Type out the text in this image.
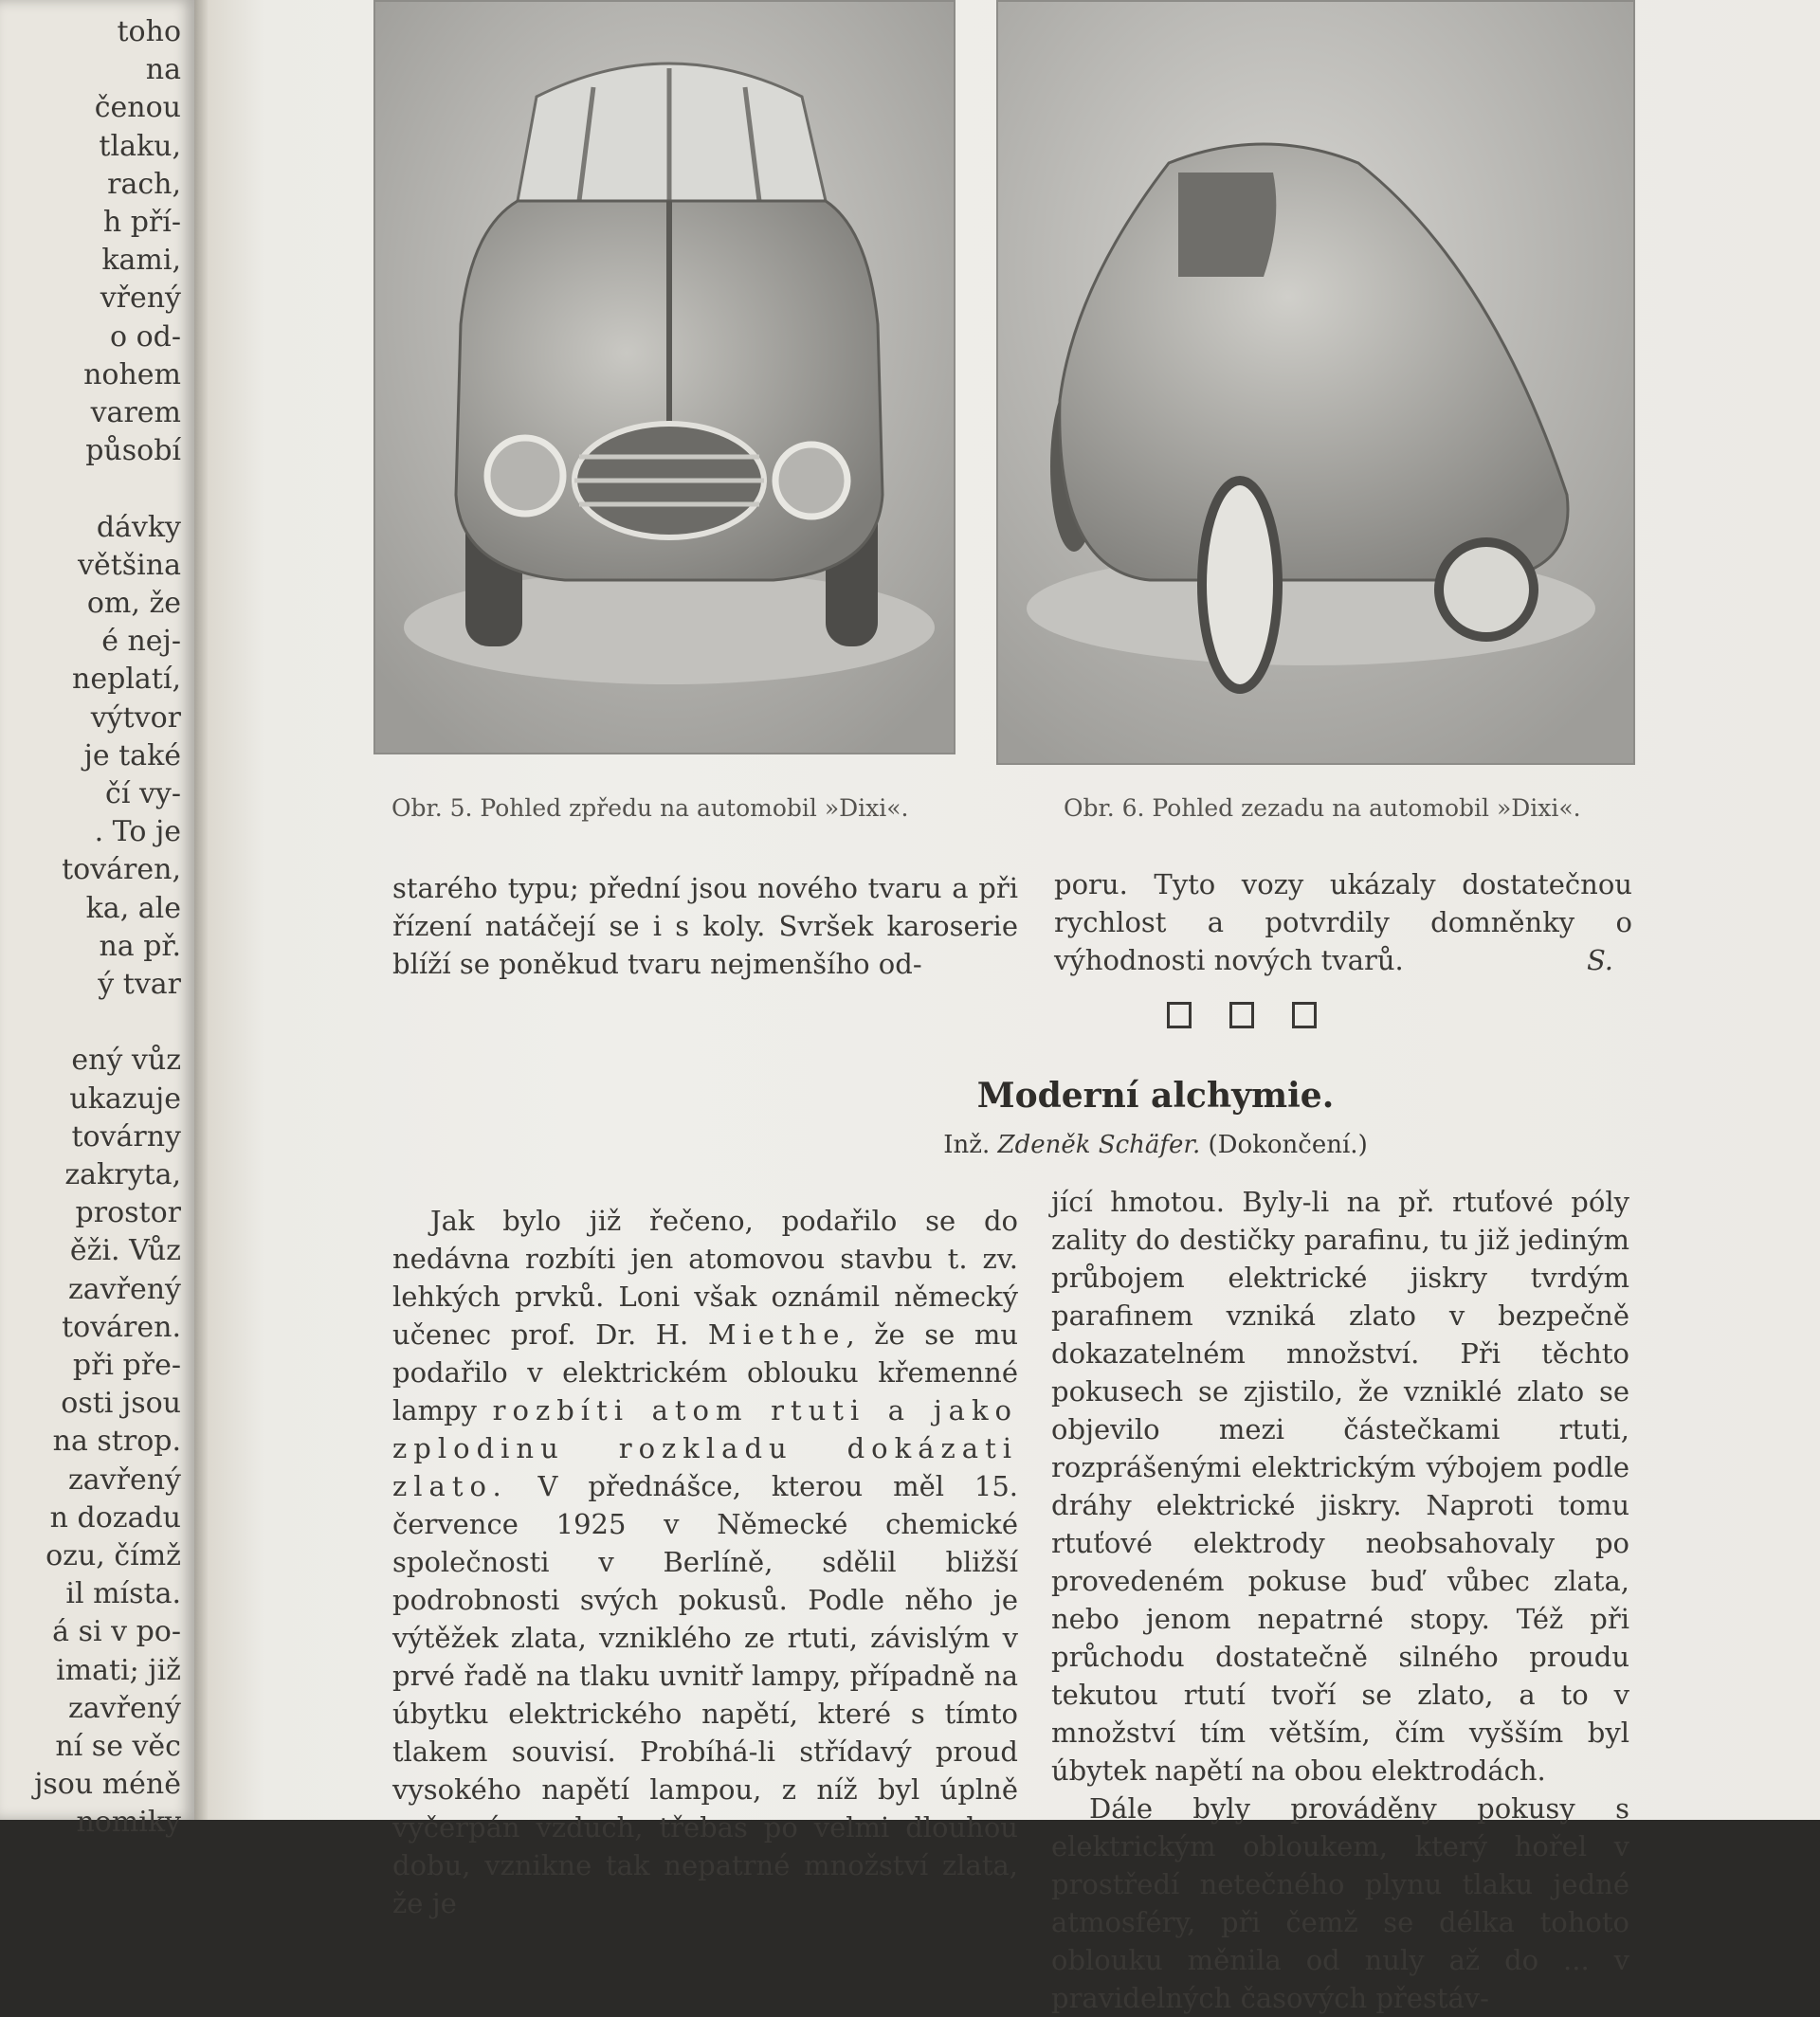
toho
na
čenou
tlaku,
rach,
h pří-
kami,
vřený
o od-
nohem
varem
působí
dávky
většina
om, že
é nej-
neplatí,
výtvor
je také
čí vy-
. To je
továren,
ka, ale
na př.
ý tvar
ený vůz
ukazuje
továrny
zakryta,
prostor
ěži. Vůz
zavřený
továren.
při pře-
osti jsou
na strop.
zavřený
n dozadu
ozu, čímž
il místa.
á si v po-
imati; již
zavřený
ní se věc
jsou méně
nomiky
Obr. 5. Pohled zpředu na automobil »Dixi«.	Obr. 6. Pohled zezadu na automobil »Dixi«.

starého typu; přední jsou nového tvaru a při řízení natáčejí se i s koly. Svršek karoserie blíží se poněkud tvaru nejmenšího od-

poru. Tyto vozy ukázaly dostatečnou rychlost a potvrdily domněnky o výhodnosti nových tvarů.	S.

Moderní alchymie.
Inž. Zdeněk Schäfer. (Dokončení.)

Jak bylo již řečeno, podařilo se do nedávna rozbíti jen atomovou stavbu t. zv. lehkých prvků. Loni však oznámil německý učenec prof. Dr. H. Miethe, že se mu podařilo v elektrickém oblouku křemenné lampy rozbíti atom rtuti a jako zplodinu rozkladu dokázati zlato. V přednášce, kterou měl 15. července 1925 v Německé chemické společnosti v Berlíně, sdělil bližší podrobnosti svých pokusů. Podle něho je výtěžek zlata, vzniklého ze rtuti, závislým v prvé řadě na tlaku uvnitř lampy, případně na úbytku elektrického napětí, které s tímto tlakem souvisí. Probíhá-li střídavý proud vysokého napětí lampou, z níž byl úplně vyčerpán vzduch, třebas po velmi dlouhou dobu, vznikne tak nepatrné množství zlata, že je

jící hmotou. Byly-li na př. rtuťové póly zality do destičky parafinu, tu již jediným průbojem elektrické jiskry tvrdým parafinem vzniká zlato v bezpečně dokazatelném množství. Při těchto pokusech se zjistilo, že vzniklé zlato se objevilo mezi částečkami rtuti, rozprášenými elektrickým výbojem podle dráhy elektrické jiskry. Naproti tomu rtuťové elektrody neobsahovaly po provedeném pokuse buď vůbec zlata, nebo jenom nepatrné stopy. Též při průchodu dostatečně silného proudu tekutou rtutí tvoří se zlato, a to v množství tím větším, čím vyšším byl úbytek napětí na obou elektrodách.

Dále byly prováděny pokusy s elektrickým obloukem, který hořel v prostředí netečného plynu tlaku jedné atmosféry, při čemž se délka tohoto oblouku měnila od nuly až do ... v pravidelných časových přestáv-
